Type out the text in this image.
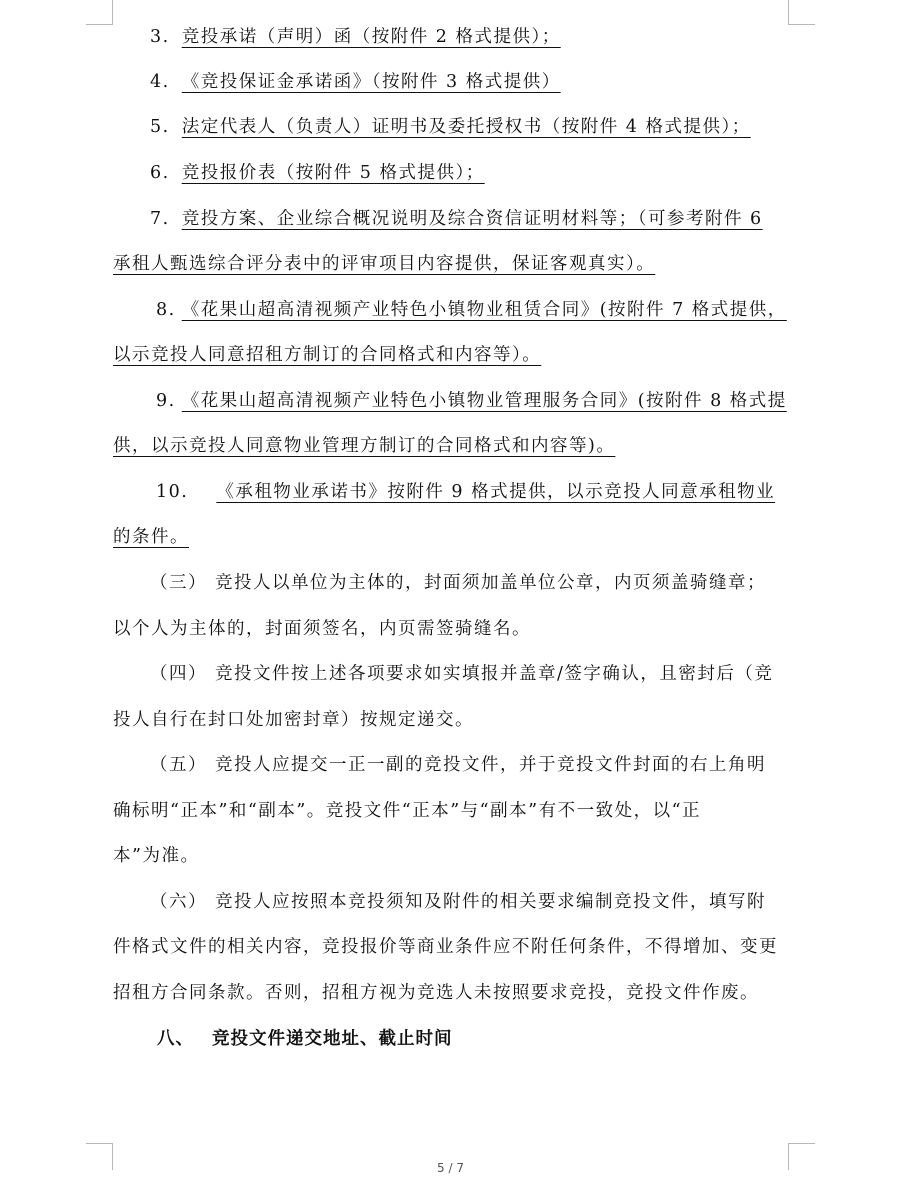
3. 竞投承诺（声明）函（按附件 2 格式提供）；
4. 《竞投保证金承诺函》（按附件 3 格式提供）
5. 法定代表人（负责人）证明书及委托授权书（按附件 4 格式提供）；
6. 竞投报价表（按附件 5 格式提供）；
7. 竞投方案、企业综合概况说明及综合资信证明材料等；（可参考附件 6
承租人甄选综合评分表中的评审项目内容提供，保证客观真实）。
8. 《花果山超高清视频产业特色小镇物业租赁合同》(按附件 7 格式提供，
以示竞投人同意招租方制订的合同格式和内容等）。
9. 《花果山超高清视频产业特色小镇物业管理服务合同》(按附件 8 格式提
供，以示竞投人同意物业管理方制订的合同格式和内容等)。
10. 《承租物业承诺书》按附件 9 格式提供，以示竞投人同意承租物业
的条件。
（三） 竞投人以单位为主体的，封面须加盖单位公章，内页须盖骑缝章；
以个人为主体的，封面须签名，内页需签骑缝名。
（四） 竞投文件按上述各项要求如实填报并盖章/签字确认，且密封后（竞
投人自行在封口处加密封章）按规定递交。
（五） 竞投人应提交一正一副的竞投文件，并于竞投文件封面的右上角明
确标明“正本”和“副本”。竞投文件“正本”与“副本”有不一致处，以“正
本”为准。
（六） 竞投人应按照本竞投须知及附件的相关要求编制竞投文件，填写附
件格式文件的相关内容，竞投报价等商业条件应不附任何条件，不得增加、变更
招租方合同条款。否则，招租方视为竞选人未按照要求竞投，竞投文件作废。
八、 竞投文件递交地址、截止时间
5 / 7
